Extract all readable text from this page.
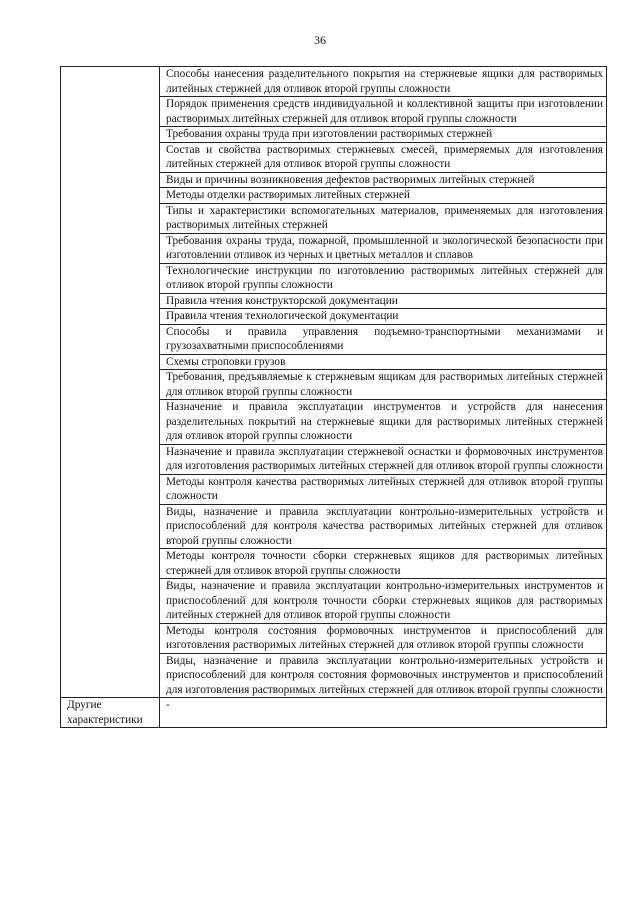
36
	Способы нанесения разделительного покрытия на стержневые ящики для растворимых литейных стержней для отливок второй группы сложности
	Порядок применения средств индивидуальной и коллективной защиты при изготовлении растворимых литейных стержней для отливок второй группы сложности
	Требования охраны труда при изготовлении растворимых стержней
	Состав и свойства растворимых стержневых смесей, примеряемых для изготовления литейных стержней для отливок второй группы сложности
	Виды и причины возникновения дефектов растворимых литейных стержней
	Методы отделки растворимых литейных стержней
	Типы и характеристики вспомогательных материалов, применяемых для изготовления растворимых литейных стержней
	Требования охраны труда, пожарной, промышленной и экологической безопасности при изготовлении отливок из черных и цветных металлов и сплавов
	Технологические инструкции по изготовлению растворимых литейных стержней для отливок второй группы сложности
	Правила чтения конструкторской документации
	Правила чтения технологической документации
	Способы и правила управления подъемно-транспортными механизмами и грузозахватными приспособлениями
	Схемы строповки грузов
	Требования, предъявляемые к стержневым ящикам для растворимых литейных стержней для отливок второй группы сложности
	Назначение и правила эксплуатации инструментов и устройств для нанесения разделительных покрытий на стержневые ящики для растворимых литейных стержней для отливок второй группы сложности
	Назначение и правила эксплуатации стержневой оснастки и формовочных инструментов для изготовления растворимых литейных стержней для отливок второй группы сложности
	Методы контроля качества растворимых литейных стержней для отливок второй группы сложности
	Виды, назначение и правила эксплуатации контрольно-измерительных устройств и приспособлений для контроля качества растворимых литейных стержней для отливок второй группы сложности
	Методы контроля точности сборки стержневых ящиков для растворимых литейных стержней для отливок второй группы сложности
	Виды, назначение и правила эксплуатации контрольно-измерительных инструментов и приспособлений для контроля точности сборки стержневых ящиков для растворимых литейных стержней для отливок второй группы сложности
	Методы контроля состояния формовочных инструментов и приспособлений для изготовления растворимых литейных стержней для отливок второй группы сложности
	Виды, назначение и правила эксплуатации контрольно-измерительных устройств и приспособлений для контроля состояния формовочных инструментов и приспособлений для изготовления растворимых литейных стержней для отливок второй группы сложности
Другие характеристики	-
